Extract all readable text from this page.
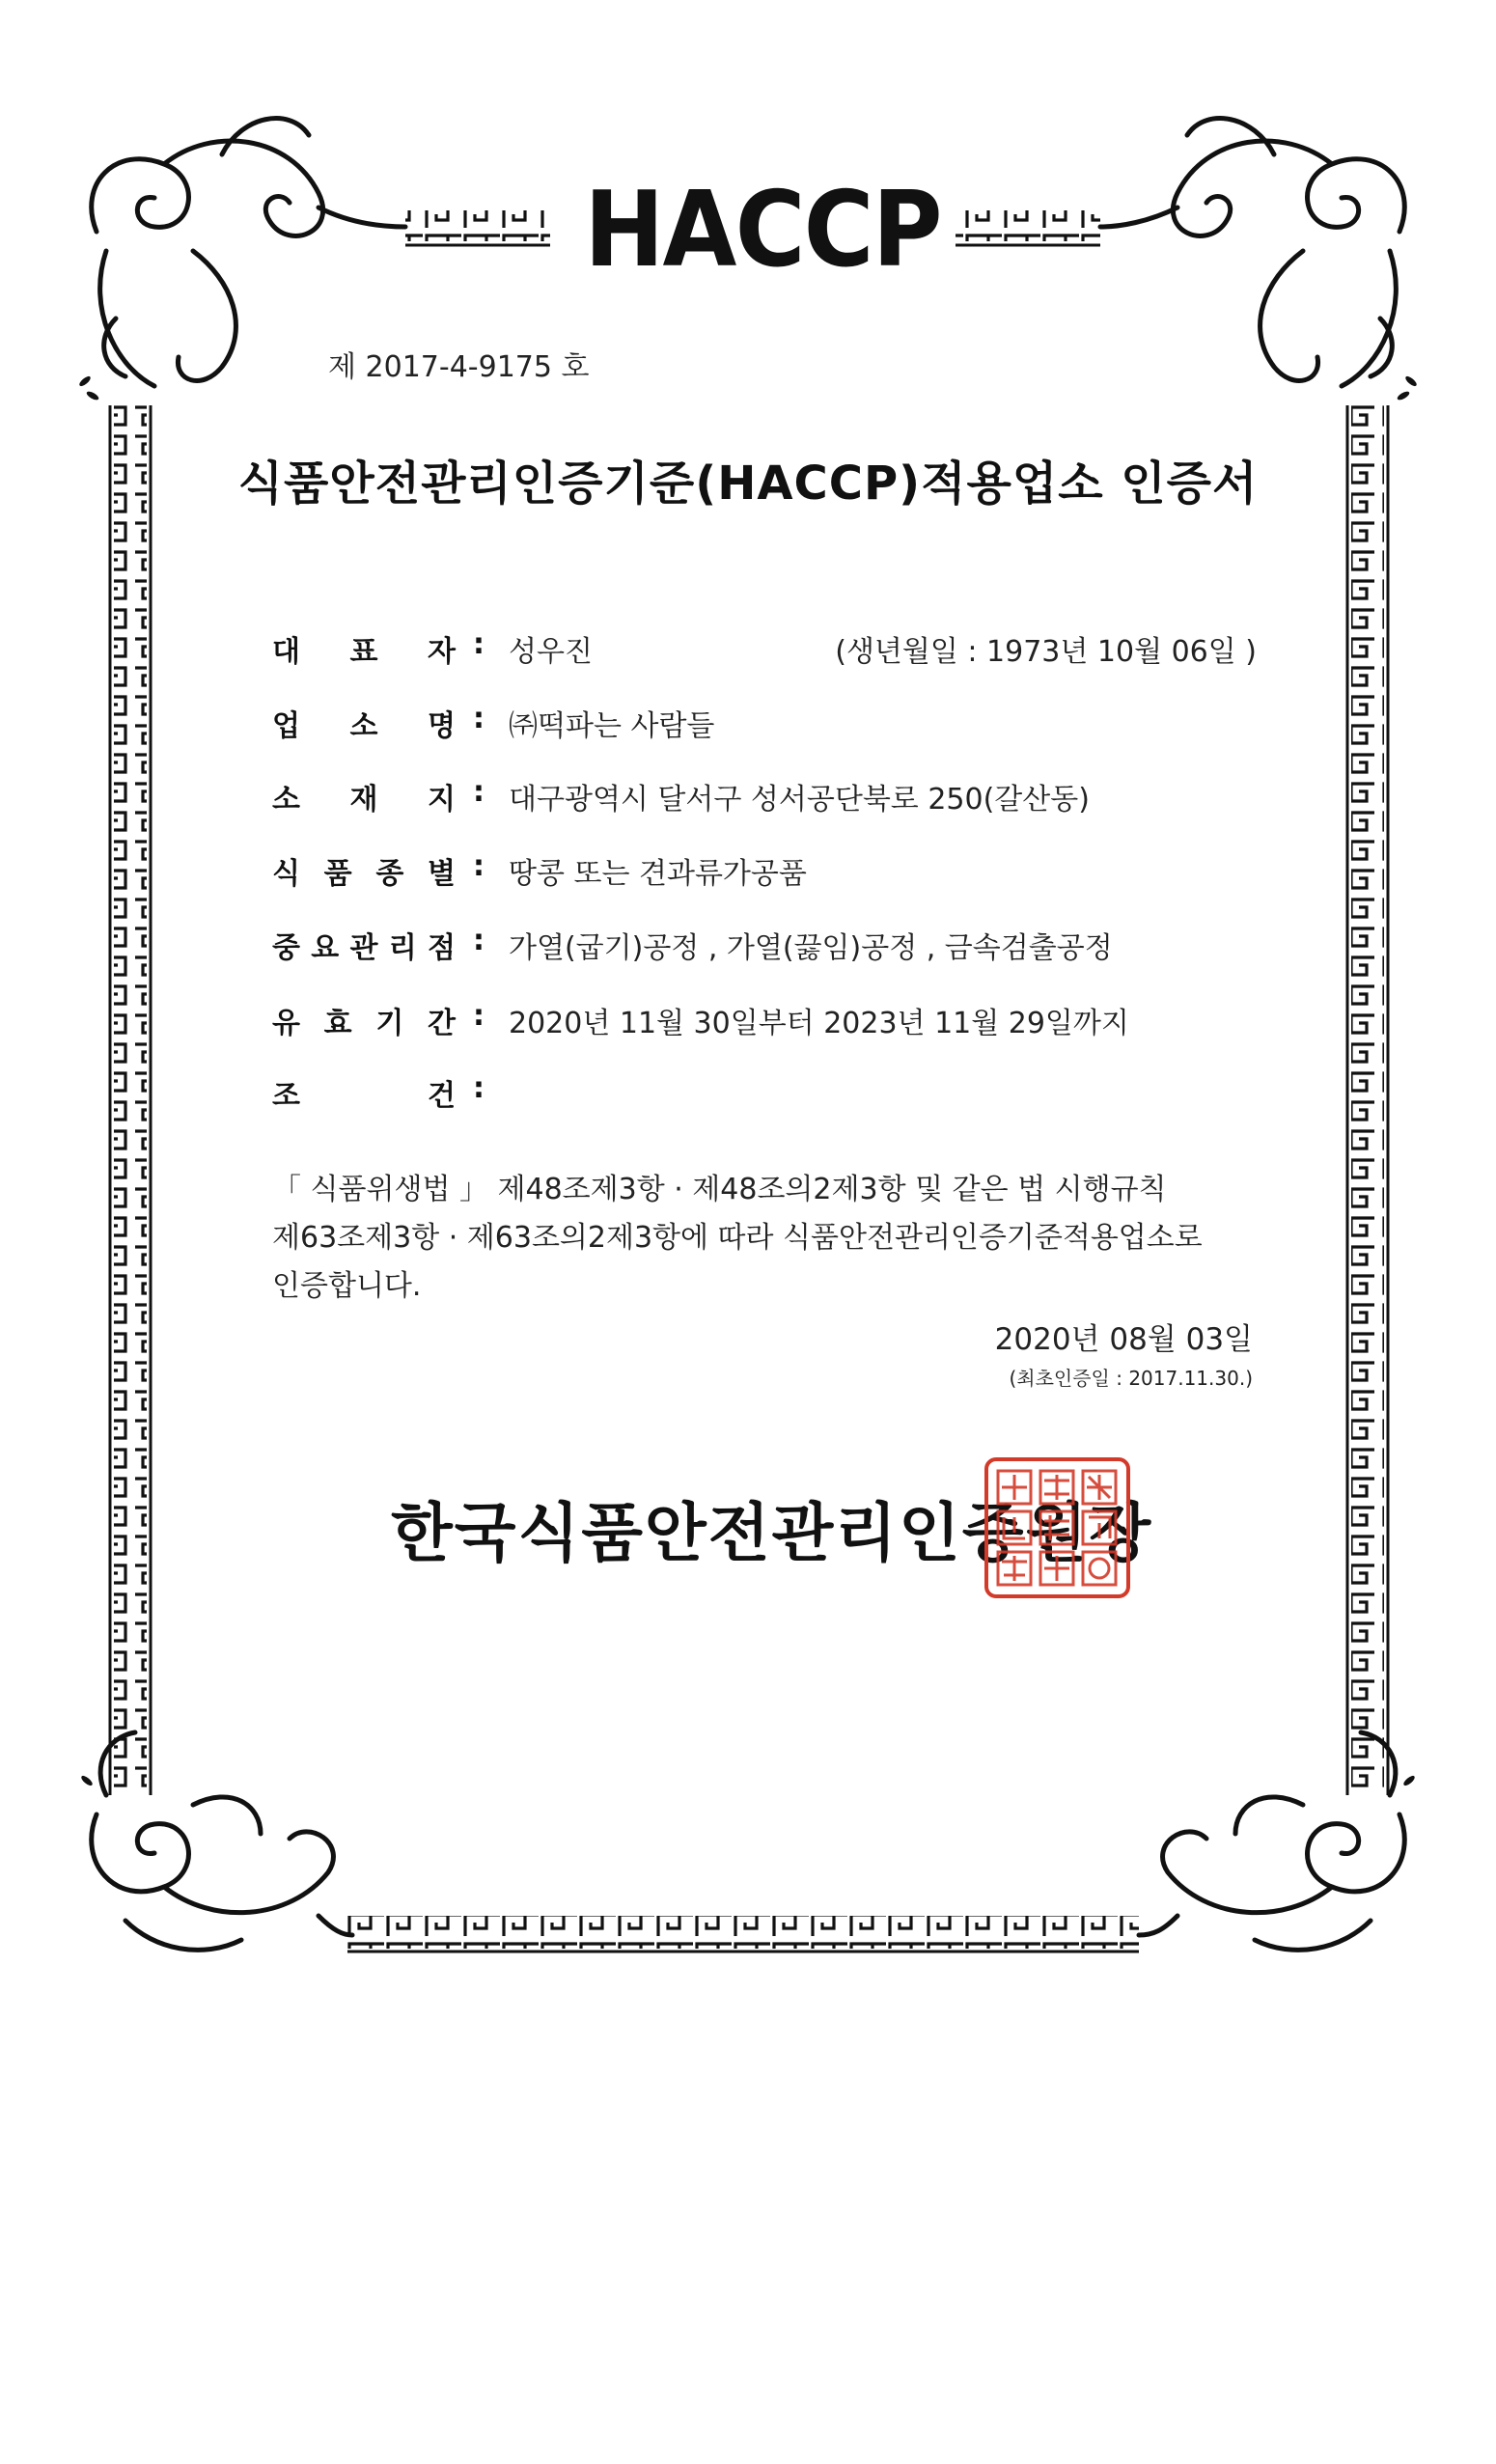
HACCP
제 2017-4-9175 호
식품안전관리인증기준(HACCP)적용업소 인증서
대 표 자 : 성우진	(생년월일 : 1973년 10월 06일 )
업 소 명 : ㈜떡파는 사람들
소 재 지 : 대구광역시 달서구 성서공단북로 250(갈산동)
식 품 종 별 : 땅콩 또는 견과류가공품
중 요 관 리 점 : 가열(굽기)공정 , 가열(끓임)공정 , 금속검출공정
유 효 기 간 : 2020년 11월 30일부터 2023년 11월 29일까지
조	건 :

「 식품위생법 」 제48조제3항 · 제48조의2제3항 및 같은 법 시행규칙

제63조제3항 · 제63조의2제3항에 따라 식품안전관리인증기준적용업소로

인증합니다.

2020년 08월 03일
(최초인증일 : 2017.11.30.)
한국식품안전관리인증원장
